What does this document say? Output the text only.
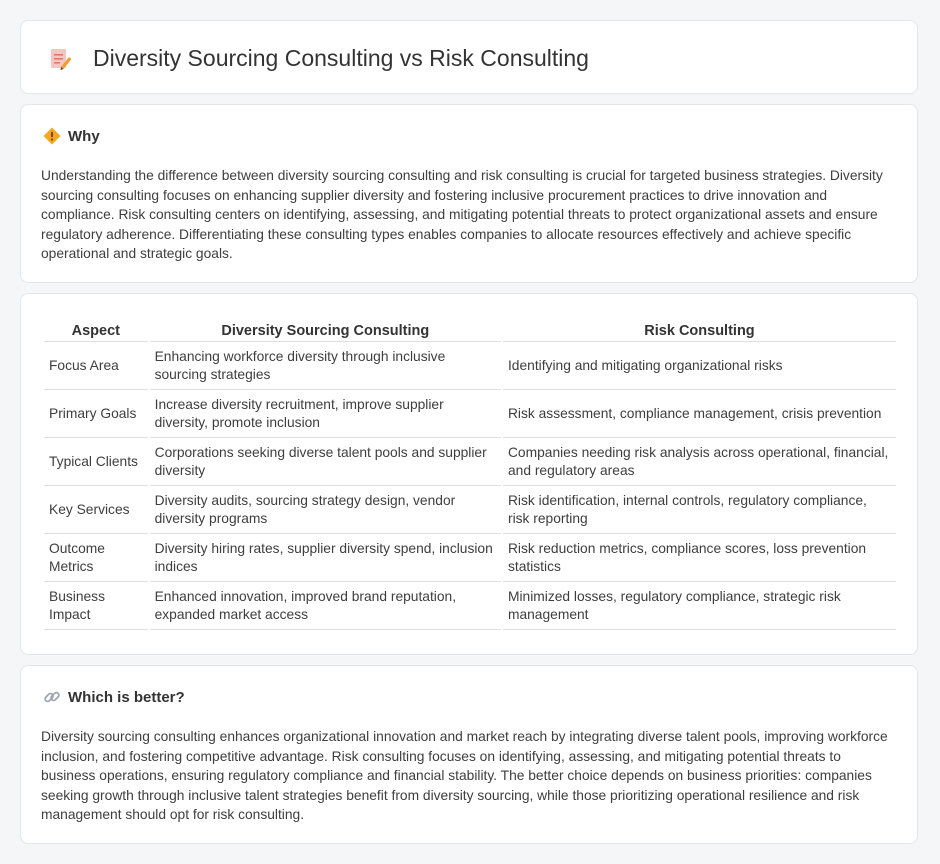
Diversity Sourcing Consulting vs Risk Consulting
Why

Understanding the difference between diversity sourcing consulting and risk consulting is crucial for targeted business strategies. Diversity sourcing consulting focuses on enhancing supplier diversity and fostering inclusive procurement practices to drive innovation and compliance. Risk consulting centers on identifying, assessing, and mitigating potential threats to protect organizational assets and ensure regulatory adherence. Differentiating these consulting types enables companies to allocate resources effectively and achieve specific operational and strategic goals.

Aspect	Diversity Sourcing Consulting	Risk Consulting
Focus Area	Enhancing workforce diversity through inclusive sourcing strategies	Identifying and mitigating organizational risks
Primary Goals	Increase diversity recruitment, improve supplier diversity, promote inclusion	Risk assessment, compliance management, crisis prevention
Typical Clients	Corporations seeking diverse talent pools and supplier diversity	Companies needing risk analysis across operational, financial, and regulatory areas
Key Services	Diversity audits, sourcing strategy design, vendor diversity programs	Risk identification, internal controls, regulatory compliance, risk reporting
Outcome Metrics	Diversity hiring rates, supplier diversity spend, inclusion indices	Risk reduction metrics, compliance scores, loss prevention statistics
Business Impact	Enhanced innovation, improved brand reputation, expanded market access	Minimized losses, regulatory compliance, strategic risk management
Which is better?

Diversity sourcing consulting enhances organizational innovation and market reach by integrating diverse talent pools, improving workforce inclusion, and fostering competitive advantage. Risk consulting focuses on identifying, assessing, and mitigating potential threats to business operations, ensuring regulatory compliance and financial stability. The better choice depends on business priorities: companies seeking growth through inclusive talent strategies benefit from diversity sourcing, while those prioritizing operational resilience and risk management should opt for risk consulting.
